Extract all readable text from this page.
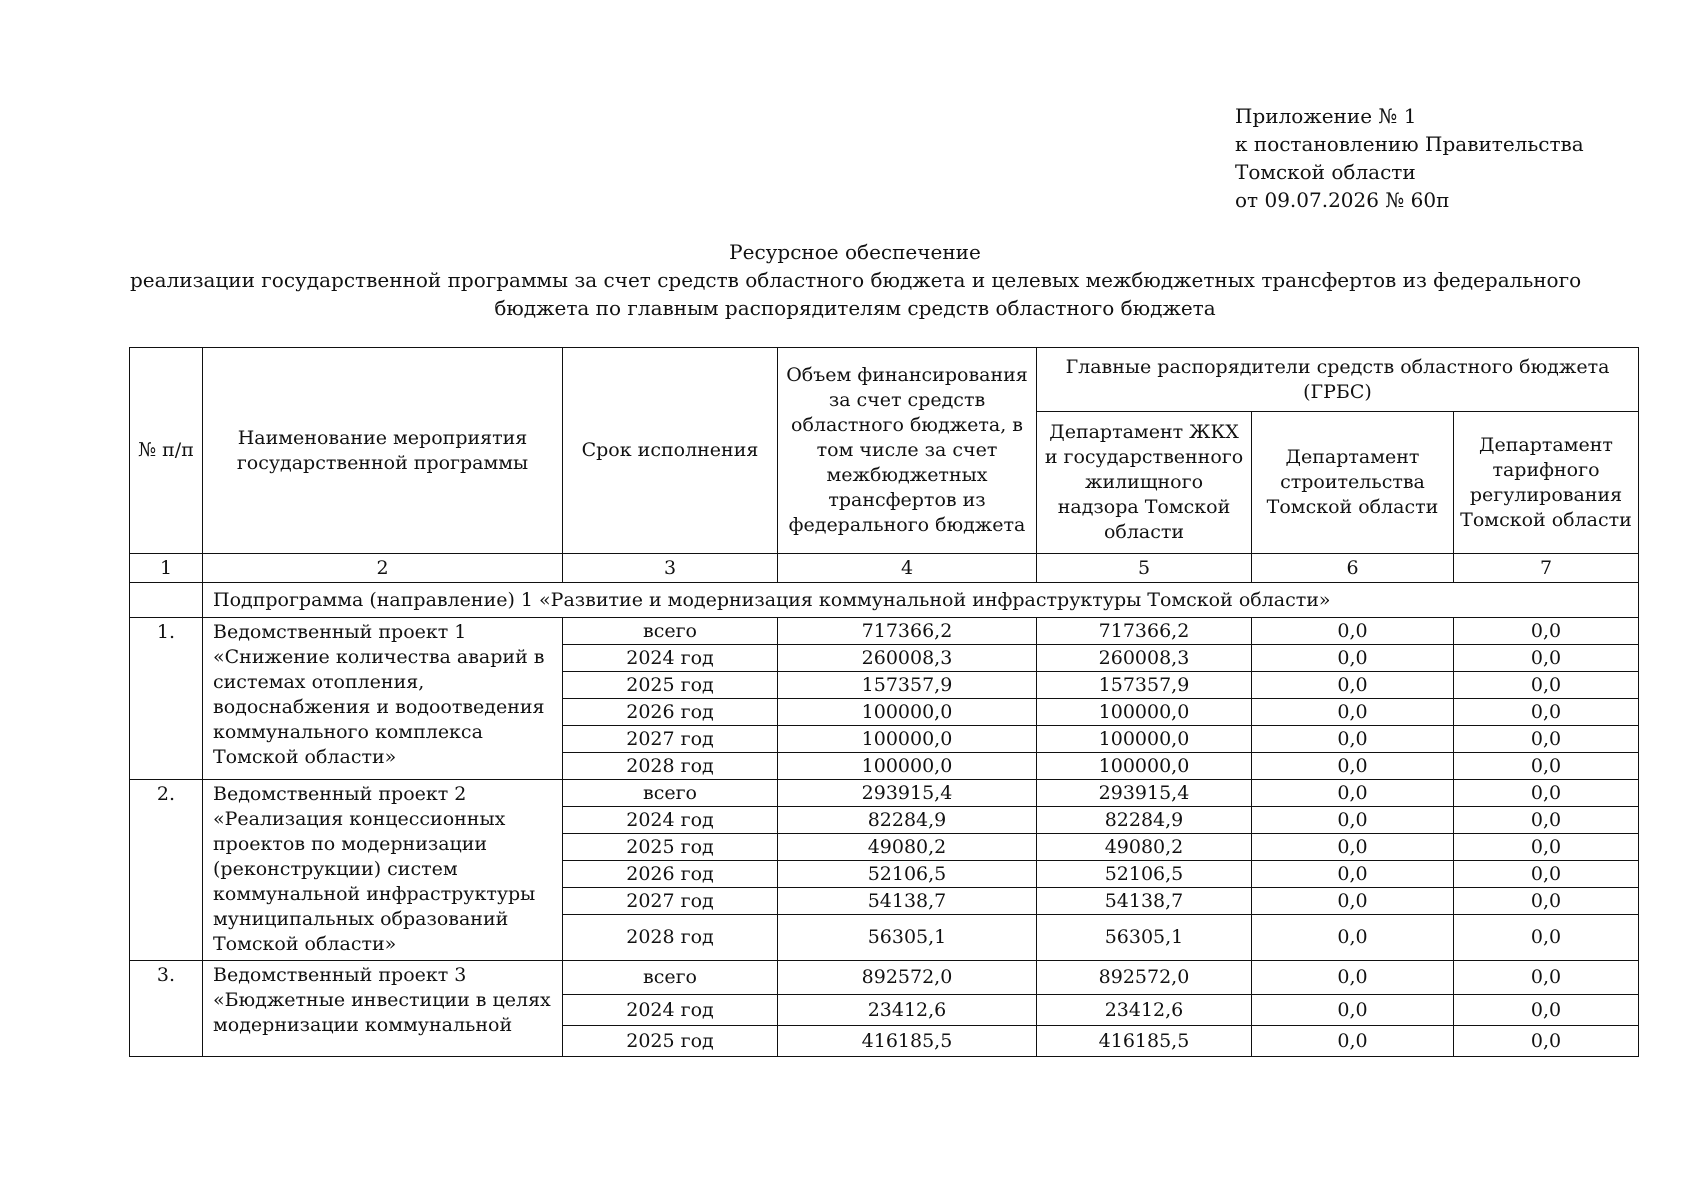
Приложение № 1
к постановлению Правительства
Томской области
от 09.07.2026 № 60п
Ресурсное обеспечение
реализации государственной программы за счет средств областного бюджета и целевых межбюджетных трансфертов из федерального
бюджета по главным распорядителям средств областного бюджета
№ п/п	Наименование мероприятия государственной программы	Срок исполнения	Объем финансирования за счет средств областного бюджета, в том числе за счет межбюджетных трансфертов из федерального бюджета	Главные распорядители средств областного бюджета (ГРБС)		
				Департамент ЖКХ и государственного жилищного надзора Томской области	Департамент строительства Томской области	Департамент тарифного регулирования Томской области
1	2	3	4	5	6	7
	Подпрограмма (направление) 1 «Развитие и модернизация коммунальной инфраструктуры Томской области»					
1.	Ведомственный проект 1 «Снижение количества аварий в системах отопления, водоснабжения и водоотведения коммунального комплекса Томской области»	всего	717366,2	717366,2	0,0	0,0
		2024 год	260008,3	260008,3	0,0	0,0
		2025 год	157357,9	157357,9	0,0	0,0
		2026 год	100000,0	100000,0	0,0	0,0
		2027 год	100000,0	100000,0	0,0	0,0
		2028 год	100000,0	100000,0	0,0	0,0
2.	Ведомственный проект 2 «Реализация концессионных проектов по модернизации (реконструкции) систем коммунальной инфраструктуры муниципальных образований Томской области»	всего	293915,4	293915,4	0,0	0,0
		2024 год	82284,9	82284,9	0,0	0,0
		2025 год	49080,2	49080,2	0,0	0,0
		2026 год	52106,5	52106,5	0,0	0,0
		2027 год	54138,7	54138,7	0,0	0,0
		2028 год	56305,1	56305,1	0,0	0,0
3.	Ведомственный проект 3 «Бюджетные инвестиции в целях модернизации коммунальной	всего	892572,0	892572,0	0,0	0,0
		2024 год	23412,6	23412,6	0,0	0,0
		2025 год	416185,5	416185,5	0,0	0,0
